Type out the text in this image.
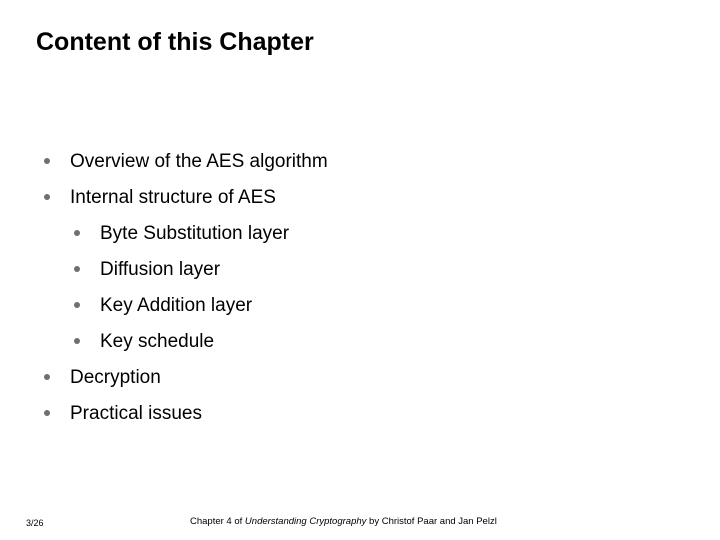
Content of this Chapter
Overview of the AES algorithm
Internal structure of AES
Byte Substitution layer
Diffusion layer
Key Addition layer
Key schedule
Decryption
Practical issues
3/26	Chapter 4 of Understanding Cryptography by Christof Paar and Jan Pelzl
